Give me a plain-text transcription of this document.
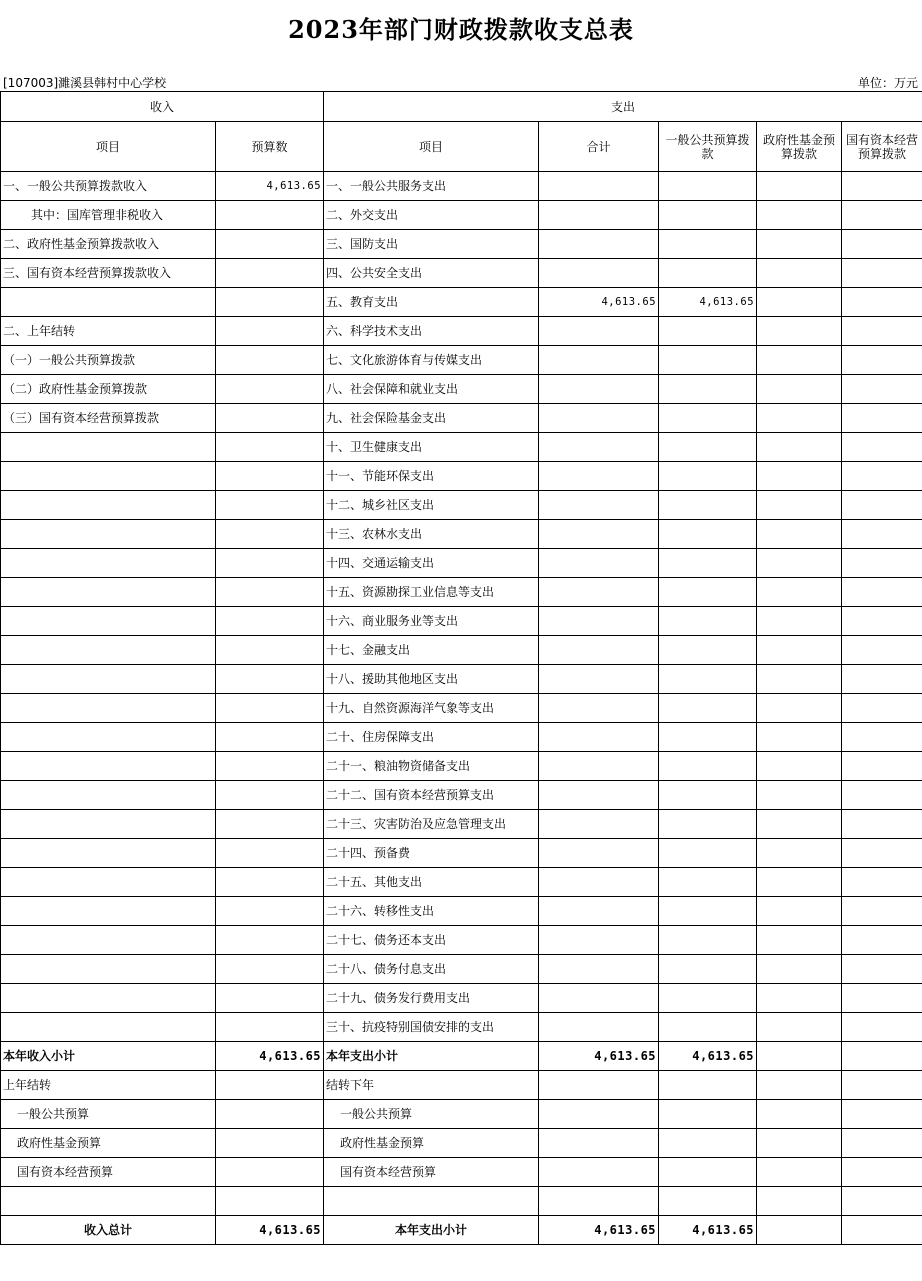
2023年部门财政拨款收支总表
[107003]濉溪县韩村中心学校	单位：万元
收入		支出				
项目	预算数	项目	合计	一般公共预算拨款	政府性基金预算拨款	国有资本经营预算拨款
一、一般公共预算拨款收入	4,613.65	一、一般公共服务支出				
其中：国库管理非税收入		二、外交支出				
二、政府性基金预算拨款收入		三、国防支出				
三、国有资本经营预算拨款收入		四、公共安全支出				
		五、教育支出	4,613.65	4,613.65		
二、上年结转		六、科学技术支出				
（一）一般公共预算拨款		七、文化旅游体育与传媒支出				
（二）政府性基金预算拨款		八、社会保障和就业支出				
（三）国有资本经营预算拨款		九、社会保险基金支出				
		十、卫生健康支出				
		十一、节能环保支出				
		十二、城乡社区支出				
		十三、农林水支出				
		十四、交通运输支出				
		十五、资源勘探工业信息等支出				
		十六、商业服务业等支出				
		十七、金融支出				
		十八、援助其他地区支出				
		十九、自然资源海洋气象等支出				
		二十、住房保障支出				
		二十一、粮油物资储备支出				
		二十二、国有资本经营预算支出				
		二十三、灾害防治及应急管理支出				
		二十四、预备费				
		二十五、其他支出				
		二十六、转移性支出				
		二十七、债务还本支出				
		二十八、债务付息支出				
		二十九、债务发行费用支出				
		三十、抗疫特别国债安排的支出				
本年收入小计	4,613.65	本年支出小计	4,613.65	4,613.65		
上年结转		结转下年				
一般公共预算		一般公共预算				
政府性基金预算		政府性基金预算				
国有资本经营预算		国有资本经营预算				

收入总计	4,613.65	本年支出小计	4,613.65	4,613.65		
